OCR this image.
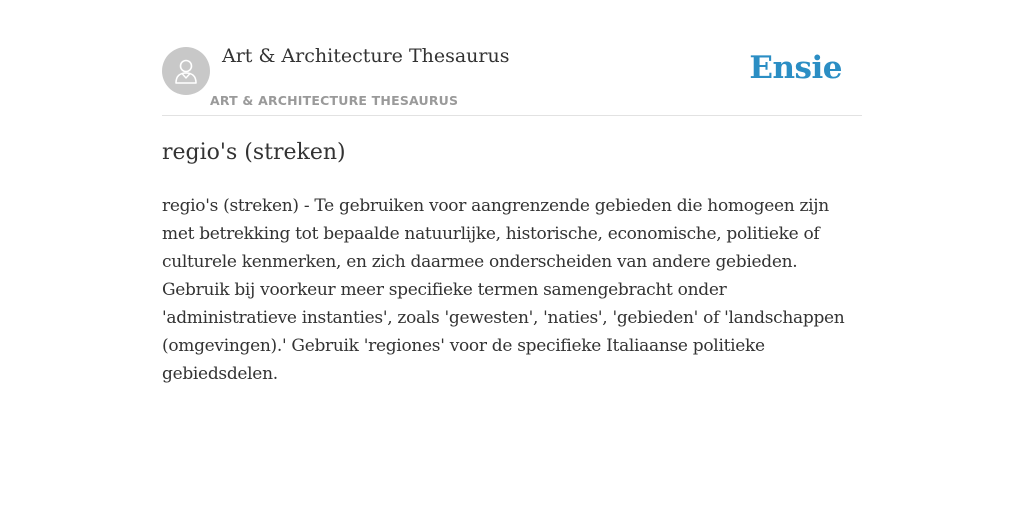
Art & Architecture Thesaurus
ART & ARCHITECTURE THESAURUS
Ensie
regio's (streken)

regio's (streken) - Te gebruiken voor aangrenzende gebieden die homogeen zijn met betrekking tot bepaalde natuurlijke, historische, economische, politieke of culturele kenmerken, en zich daarmee onderscheiden van andere gebieden. Gebruik bij voorkeur meer specifieke termen samengebracht onder 'administratieve instanties', zoals 'gewesten', 'naties', 'gebieden' of 'landschappen (omgevingen).' Gebruik 'regiones' voor de specifieke Italiaanse politieke gebiedsdelen.
